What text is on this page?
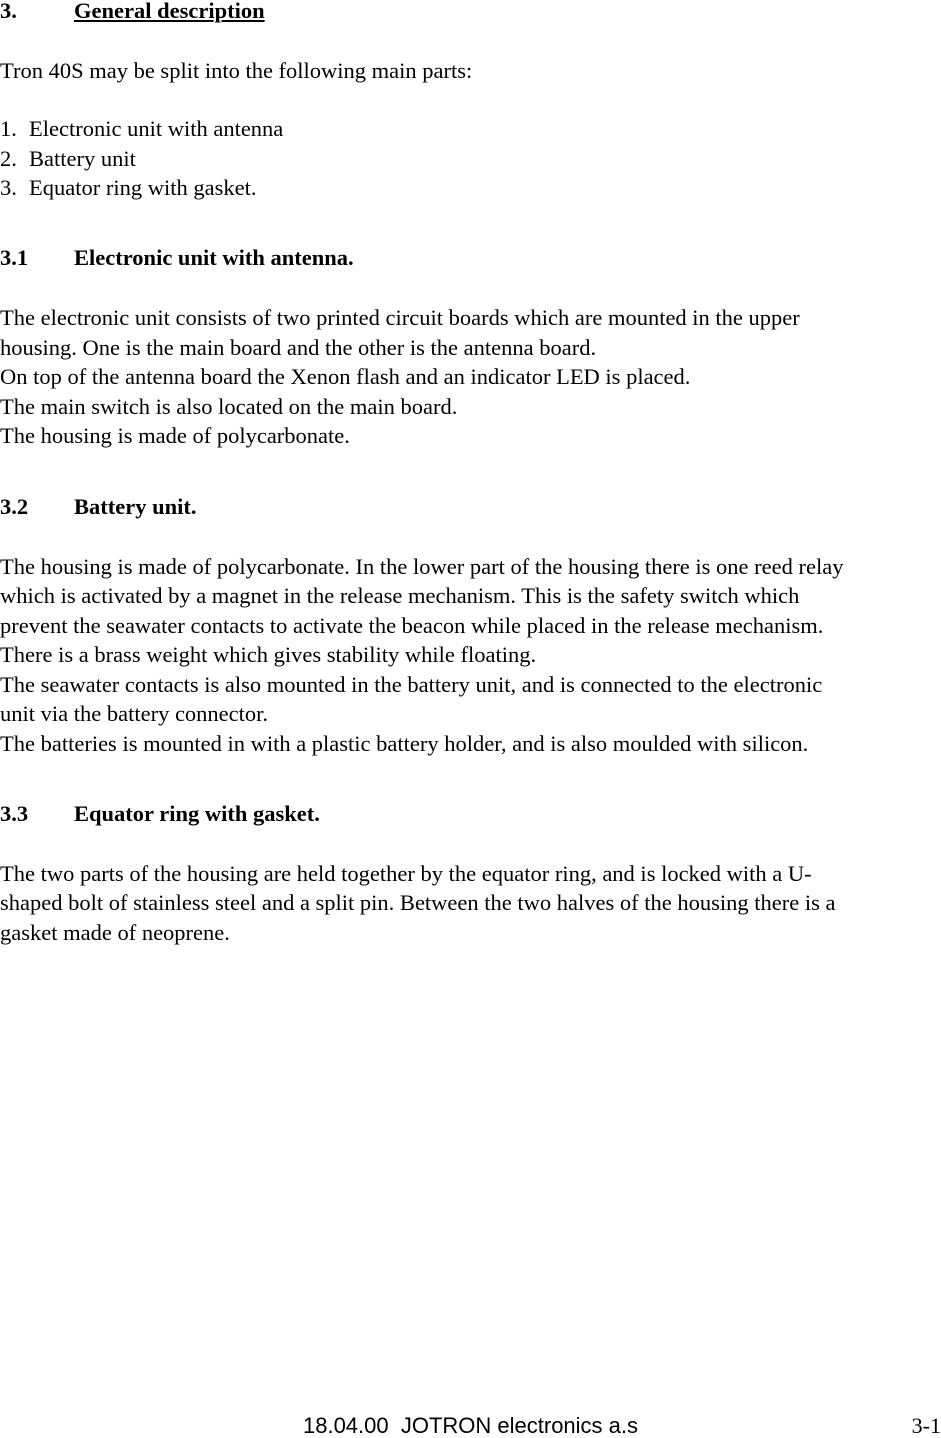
3.	General description
Tron 40S may be split into the following main parts:
1. Electronic unit with antenna
2. Battery unit
3. Equator ring with gasket.
3.1 Electronic unit with antenna.
The electronic unit consists of two printed circuit boards which are mounted in the upper
housing. One is the main board and the other is the antenna board.
On top of the antenna board the Xenon flash and an indicator LED is placed.
The main switch is also located on the main board.
The housing is made of polycarbonate.
3.2 Battery unit.
The housing is made of polycarbonate. In the lower part of the housing there is one reed relay
which is activated by a magnet in the release mechanism. This is the safety switch which
prevent the seawater contacts to activate the beacon while placed in the release mechanism.
There is a brass weight which gives stability while floating.
The seawater contacts is also mounted in the battery unit, and is connected to the electronic
unit via the battery connector.
The batteries is mounted in with a plastic battery holder, and is also moulded with silicon.
3.3 Equator ring with gasket.
The two parts of the housing are held together by the equator ring, and is locked with a U-
shaped bolt of stainless steel and a split pin. Between the two halves of the housing there is a
gasket made of neoprene.
18.04.00  JOTRON electronics a.s	3-1
